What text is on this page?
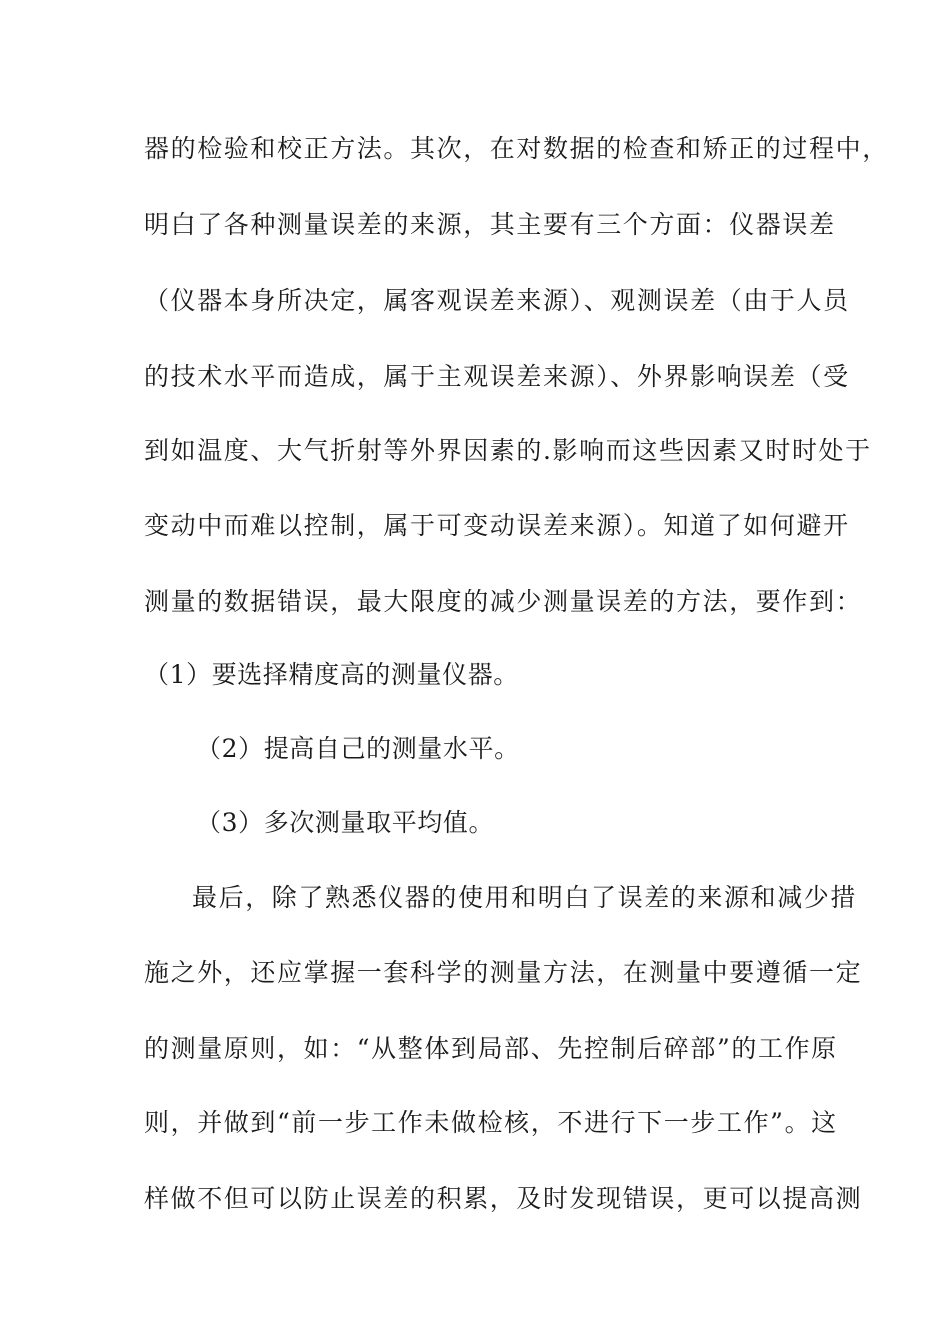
器的检验和校正方法。其次，在对数据的检查和矫正的过程中，
明白了各种测量误差的来源，其主要有三个方面：仪器误差
（仪器本身所决定，属客观误差来源）、观测误差（由于人员
的技术水平而造成，属于主观误差来源）、外界影响误差（受
到如温度、大气折射等外界因素的.影响而这些因素又时时处于
变动中而难以控制，属于可变动误差来源）。知道了如何避开
测量的数据错误，最大限度的减少测量误差的方法，要作到：
（1）要选择精度高的测量仪器。
（2）提高自己的测量水平。
（3）多次测量取平均值。
最后，除了熟悉仪器的使用和明白了误差的来源和减少措
施之外，还应掌握一套科学的测量方法，在测量中要遵循一定
的测量原则，如：“从整体到局部、先控制后碎部”的工作原
则，并做到“前一步工作未做检核，不进行下一步工作”。这
样做不但可以防止误差的积累，及时发现错误，更可以提高测
